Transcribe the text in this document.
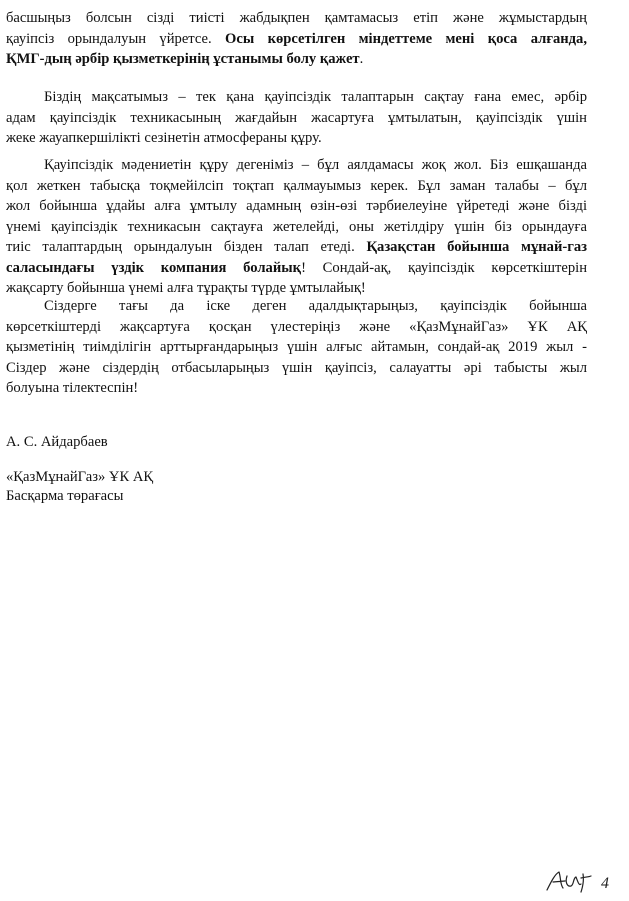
басшыңыз болсын сізді тиісті жабдықпен қамтамасыз етіп және жұмыстардың
қауіпсіз орындалуын үйретсе. Осы көрсетілген міндеттеме мені қоса алғанда,
ҚМГ-дың әрбір қызметкерінің ұстанымы болу қажет.

Біздің мақсатымыз – тек қана қауіпсіздік талаптарын сақтау ғана емес, әрбір
адам қауіпсіздік техникасының жағдайын жасартуға ұмтылатын, қауіпсіздік үшін
жеке жауапкершілікті сезінетін атмосфераны құру.

Қауіпсіздік мәдениетін құру дегеніміз – бұл аялдамасы жоқ жол. Біз ешқашанда
қол жеткен табысқа тоқмейілсіп тоқтап қалмауымыз керек. Бұл заман талабы – бұл
жол бойынша ұдайы алға ұмтылу адамның өзін-өзі тәрбиелеуіне үйретеді және бізді
үнемі қауіпсіздік техникасын сақтауға жетелейді, оны жетілдіру үшін біз орындауға
тиіс талаптардың орындалуын бізден талап етеді. Қазақстан бойынша мұнай-газ
саласындағы үздік компания болайық! Сондай-ақ, қауіпсіздік көрсеткіштерін
жақсарту бойынша үнемі алға тұрақты түрде ұмтылайық!

Сіздерге тағы да іске деген адалдықтарыңыз, қауіпсіздік бойынша
көрсеткіштерді жақсартуға қосқан үлестеріңіз және «ҚазМұнайГаз» ҰК АҚ
қызметінің тиімділігін арттырғандарыңыз үшін алғыс айтамын, сондай-ақ 2019 жыл -
Сіздер және сіздердің отбасыларыңыз үшін қауіпсіз, салауатты әрі табысты жыл
болуына тілектеспін!

А. С. Айдарбаев

«ҚазМұнайГаз» ҰК АҚ

Басқарма төрағасы

4
